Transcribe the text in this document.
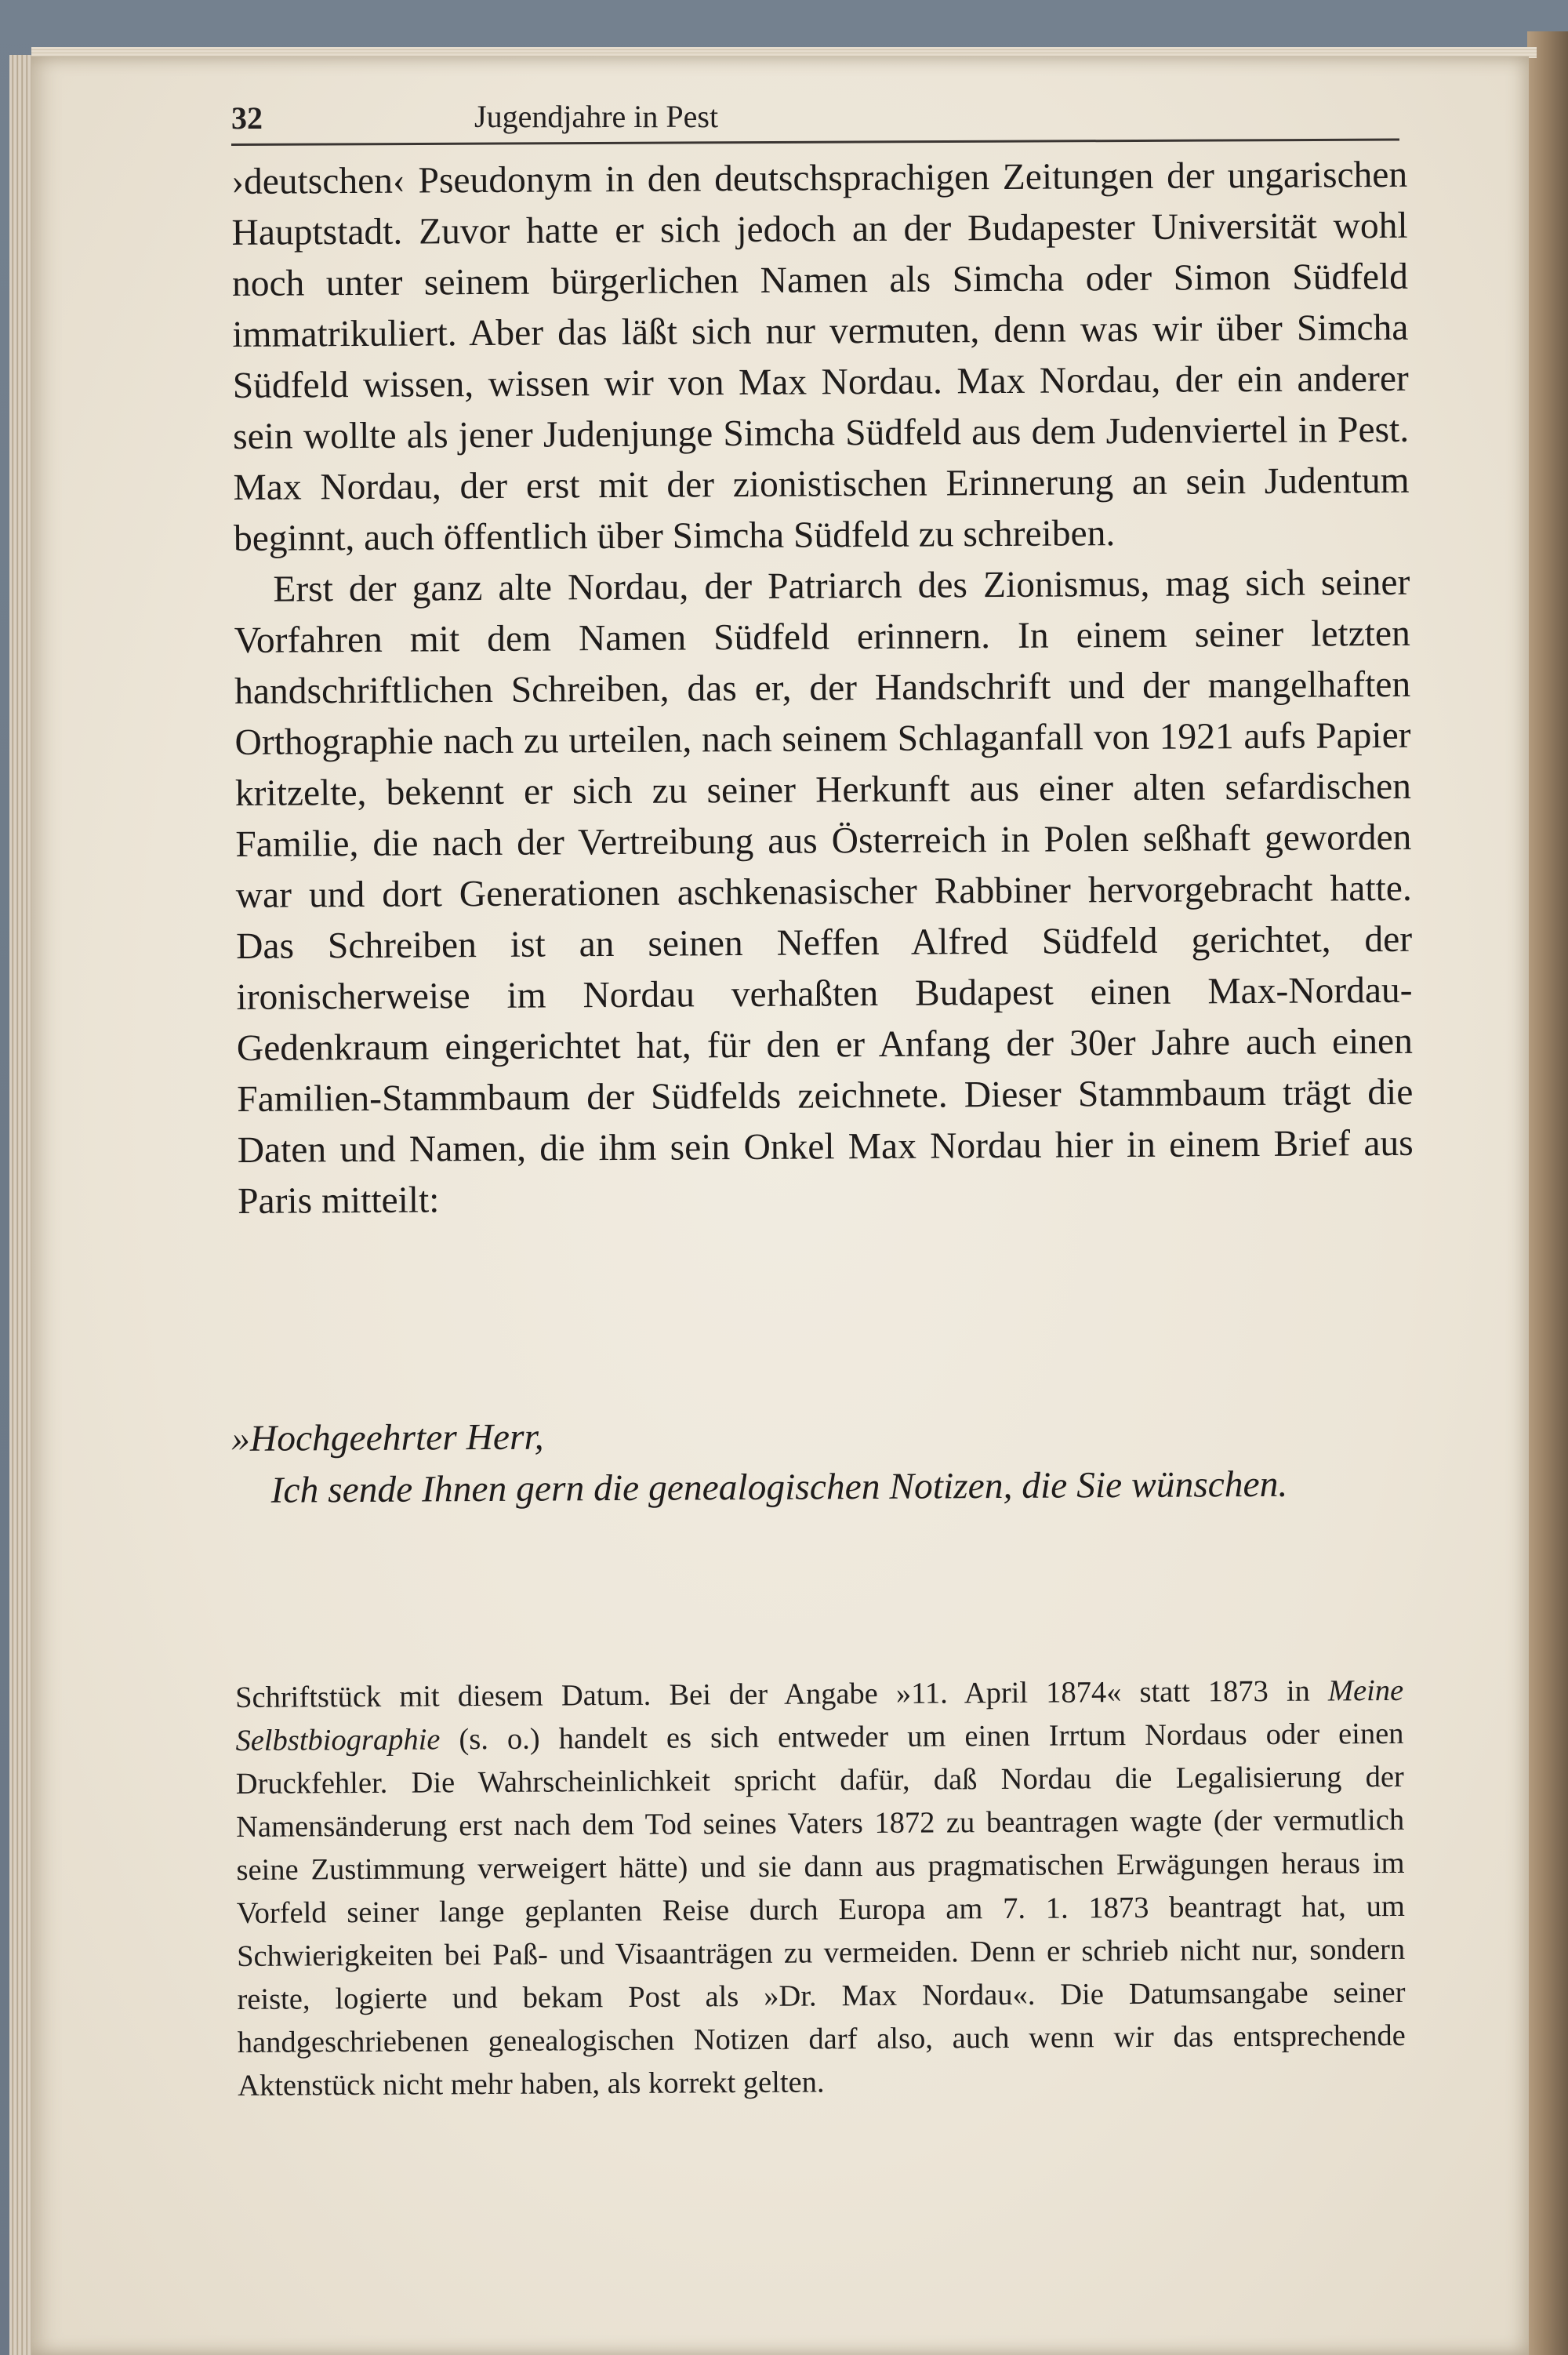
32	Jugendjahre in Pest

›deutschen‹ Pseudonym in den deutschsprachigen Zeitungen der ungarischen Hauptstadt. Zuvor hatte er sich jedoch an der Budapester Universität wohl noch unter seinem bürgerlichen Namen als Simcha oder Simon Südfeld immatrikuliert. Aber das läßt sich nur vermuten, denn was wir über Simcha Südfeld wissen, wissen wir von Max Nordau. Max Nordau, der ein anderer sein wollte als jener Judenjunge Simcha Südfeld aus dem Judenviertel in Pest. Max Nordau, der erst mit der zionistischen Erinnerung an sein Judentum beginnt, auch öffentlich über Simcha Südfeld zu schreiben.

Erst der ganz alte Nordau, der Patriarch des Zionismus, mag sich seiner Vorfahren mit dem Namen Südfeld erinnern. In einem seiner letzten handschriftlichen Schreiben, das er, der Handschrift und der mangelhaften Orthographie nach zu urteilen, nach seinem Schlaganfall von 1921 aufs Papier kritzelte, bekennt er sich zu seiner Herkunft aus einer alten sefardischen Familie, die nach der Vertreibung aus Österreich in Polen seßhaft geworden war und dort Generationen aschkenasischer Rabbiner hervorgebracht hatte. Das Schreiben ist an seinen Neffen Alfred Südfeld gerichtet, der ironischerweise im Nordau verhaßten Budapest einen Max-Nordau-Gedenkraum eingerichtet hat, für den er Anfang der 30er Jahre auch einen Familien-Stammbaum der Südfelds zeichnete. Dieser Stammbaum trägt die Daten und Namen, die ihm sein Onkel Max Nordau hier in einem Brief aus Paris mitteilt:

»Hochgeehrter Herr,

Ich sende Ihnen gern die genealogischen Notizen, die Sie wünschen.

Schriftstück mit diesem Datum. Bei der Angabe »11. April 1874« statt 1873 in Meine Selbstbiographie (s. o.) handelt es sich entweder um einen Irrtum Nordaus oder einen Druckfehler. Die Wahrscheinlichkeit spricht dafür, daß Nordau die Legalisierung der Namensänderung erst nach dem Tod seines Vaters 1872 zu beantragen wagte (der vermutlich seine Zustimmung verweigert hätte) und sie dann aus pragmatischen Erwägungen heraus im Vorfeld seiner lange geplanten Reise durch Europa am 7. 1. 1873 beantragt hat, um Schwierigkeiten bei Paß- und Visaanträgen zu vermeiden. Denn er schrieb nicht nur, sondern reiste, logierte und bekam Post als »Dr. Max Nordau«. Die Datumsangabe seiner handgeschriebenen genealogischen Notizen darf also, auch wenn wir das entsprechende Aktenstück nicht mehr haben, als korrekt gelten.
